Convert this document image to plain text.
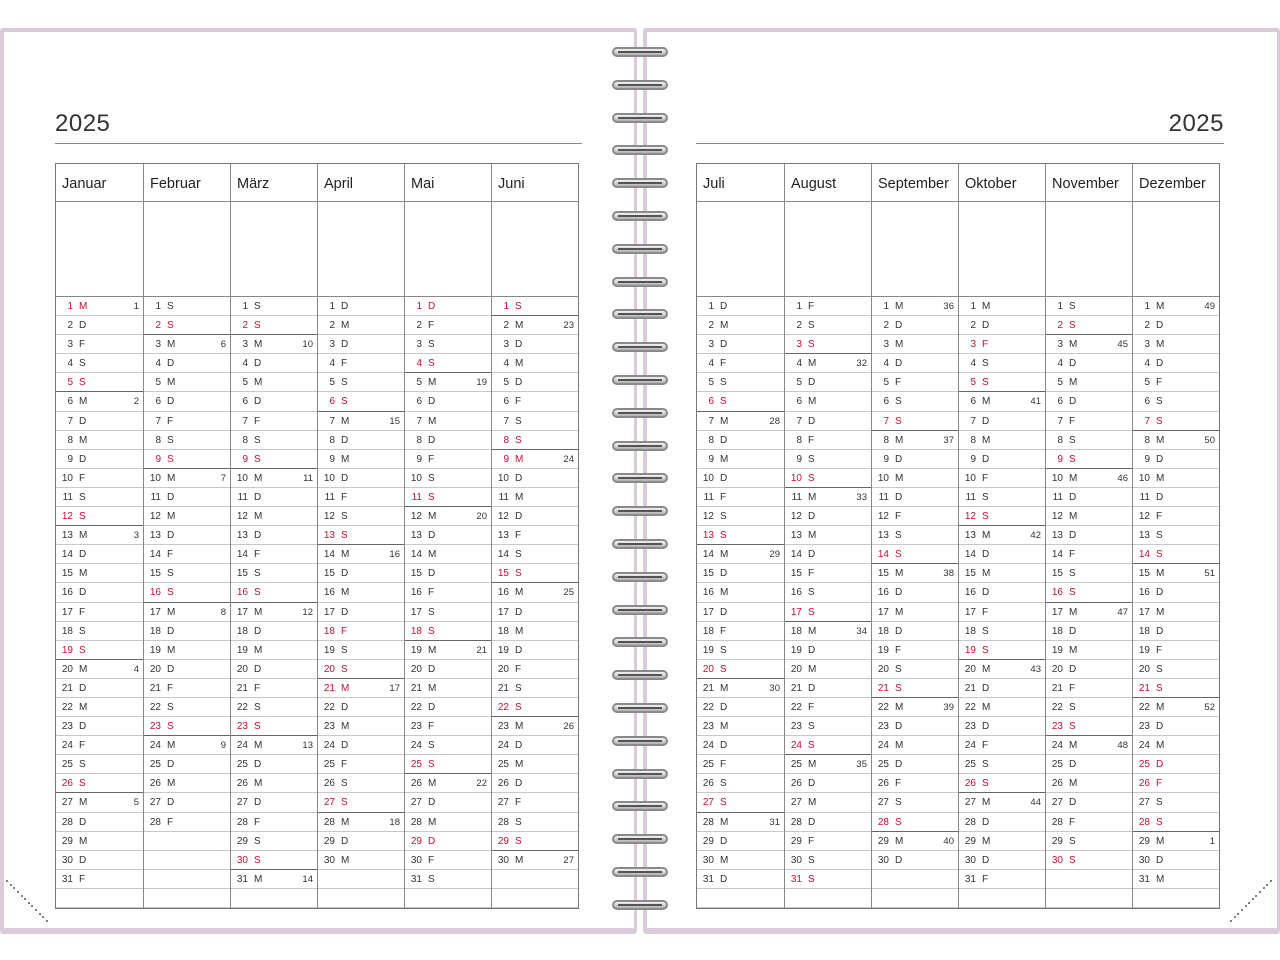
2025
Januar
1 M	1
2 D
3 F
4 S
5 S
6 M	2
7 D
8 M
9 D
10 F
11 S
12 S
13 M	3
14 D
15 M
16 D
17 F
18 S
19 S
20 M	4
21 D
22 M
23 D
24 F
25 S
26 S
27 M	5
28 D
29 M
30 D
31 F
Februar
1 S
2 S
3 M	6
4 D
5 M
6 D
7 F
8 S
9 S
10 M	7
11 D
12 M
13 D
14 F
15 S
16 S
17 M	8
18 D
19 M
20 D
21 F
22 S
23 S
24 M	9
25 D
26 M
27 D
28 F
März
1 S
2 S
3 M	10
4 D
5 M
6 D
7 F
8 S
9 S
10 M	11
11 D
12 M
13 D
14 F
15 S
16 S
17 M	12
18 D
19 M
20 D
21 F
22 S
23 S
24 M	13
25 D
26 M
27 D
28 F
29 S
30 S
31 M	14
April
1 D
2 M
3 D
4 F
5 S
6 S
7 M	15
8 D
9 M
10 D
11 F
12 S
13 S
14 M	16
15 D
16 M
17 D
18 F
19 S
20 S
21 M	17
22 D
23 M
24 D
25 F
26 S
27 S
28 M	18
29 D
30 M
Mai
1 D
2 F
3 S
4 S
5 M	19
6 D
7 M
8 D
9 F
10 S
11 S
12 M	20
13 D
14 M
15 D
16 F
17 S
18 S
19 M	21
20 D
21 M
22 D
23 F
24 S
25 S
26 M	22
27 D
28 M
29 D
30 F
31 S
Juni
1 S
2 M	23
3 D
4 M
5 D
6 F
7 S
8 S
9 M	24
10 D
11 M
12 D
13 F
14 S
15 S
16 M	25
17 D
18 M
19 D
20 F
21 S
22 S
23 M	26
24 D
25 M
26 D
27 F
28 S
29 S
30 M	27
2025
Juli
1 D
2 M
3 D
4 F
5 S
6 S
7 M	28
8 D
9 M
10 D
11 F
12 S
13 S
14 M	29
15 D
16 M
17 D
18 F
19 S
20 S
21 M	30
22 D
23 M
24 D
25 F
26 S
27 S
28 M	31
29 D
30 M
31 D
August
1 F
2 S
3 S
4 M	32
5 D
6 M
7 D
8 F
9 S
10 S
11 M	33
12 D
13 M
14 D
15 F
16 S
17 S
18 M	34
19 D
20 M
21 D
22 F
23 S
24 S
25 M	35
26 D
27 M
28 D
29 F
30 S
31 S
September
1 M	36
2 D
3 M
4 D
5 F
6 S
7 S
8 M	37
9 D
10 M
11 D
12 F
13 S
14 S
15 M	38
16 D
17 M
18 D
19 F
20 S
21 S
22 M	39
23 D
24 M
25 D
26 F
27 S
28 S
29 M	40
30 D
Oktober
1 M
2 D
3 F
4 S
5 S
6 M	41
7 D
8 M
9 D
10 F
11 S
12 S
13 M	42
14 D
15 M
16 D
17 F
18 S
19 S
20 M	43
21 D
22 M
23 D
24 F
25 S
26 S
27 M	44
28 D
29 M
30 D
31 F
November
1 S
2 S
3 M	45
4 D
5 M
6 D
7 F
8 S
9 S
10 M	46
11 D
12 M
13 D
14 F
15 S
16 S
17 M	47
18 D
19 M
20 D
21 F
22 S
23 S
24 M	48
25 D
26 M
27 D
28 F
29 S
30 S
Dezember
1 M	49
2 D
3 M
4 D
5 F
6 S
7 S
8 M	50
9 D
10 M
11 D
12 F
13 S
14 S
15 M	51
16 D
17 M
18 D
19 F
20 S
21 S
22 M	52
23 D
24 M
25 D
26 F
27 S
28 S
29 M	1
30 D
31 M
